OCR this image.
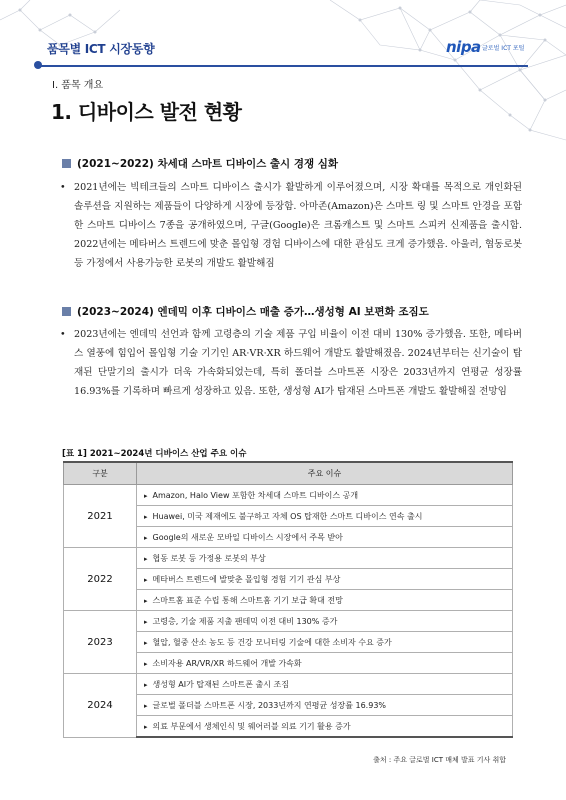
품목별 ICT 시장동향	nipa 글로벌 ICT 포털
Ⅰ. 품목 개요
1. 디바이스 발전 현황
(2021~2022) 차세대 스마트 디바이스 출시 경쟁 심화
• 2021년에는 빅테크들의 스마트 디바이스 출시가 활발하게 이루어졌으며, 시장 확대를 목적으로 개인화된 솔루션을 지원하는 제품들이 다양하게 시장에 등장함. 아마존(Amazon)은 스마트 링 및 스마트 안경을 포함한 스마트 디바이스 7종을 공개하였으며, 구글(Google)은 크롬캐스트 및 스마트 스피커 신제품을 출시함. 2022년에는 메타버스 트렌드에 맞춘 몰입형 경험 디바이스에 대한 관심도 크게 증가했음. 아울러, 협동로봇 등 가정에서 사용가능한 로봇의 개발도 활발해짐
(2023~2024) 엔데믹 이후 디바이스 매출 증가…생성형 AI 보편화 조짐도
• 2023년에는 엔데믹 선언과 함께 고령층의 기술 제품 구입 비율이 이전 대비 130% 증가했음. 또한, 메타버스 열풍에 힘입어 몰입형 기술 기기인 AR·VR·XR 하드웨어 개발도 활발해졌음. 2024년부터는 신기술이 탑재된 단말기의 출시가 더욱 가속화되었는데, 특히 폴더블 스마트폰 시장은 2033년까지 연평균 성장률 16.93%를 기록하며 빠르게 성장하고 있음. 또한, 생성형 AI가 탑재된 스마트폰 개발도 활발해질 전망임
[표 1] 2021~2024년 디바이스 산업 주요 이슈
구분	주요 이슈
2021	▸ Amazon, Halo View 포함한 차세대 스마트 디바이스 공개
	▸ Huawei, 미국 제재에도 불구하고 자체 OS 탑재한 스마트 디바이스 연속 출시
	▸ Google의 새로운 모바일 디바이스 시장에서 주목 받아
2022	▸ 협동 로봇 등 가정용 로봇의 부상
	▸ 메타버스 트렌드에 발맞춘 몰입형 경험 기기 관심 부상
	▸ 스마트홈 표준 수립 통해 스마트홈 기기 보급 확대 전망
2023	▸ 고령층, 기술 제품 지출 팬데믹 이전 대비 130% 증가
	▸ 혈압, 혈중 산소 농도 등 건강 모니터링 기술에 대한 소비자 수요 증가
	▸ 소비자용 AR/VR/XR 하드웨어 개발 가속화
2024	▸ 생성형 AI가 탑재된 스마트폰 출시 조짐
	▸ 글로벌 폴더블 스마트폰 시장, 2033년까지 연평균 성장률 16.93%
	▸ 의료 부문에서 생체인식 및 웨어러블 의료 기기 활용 증가
출처 : 주요 글로벌 ICT 매체 발표 기사 취합
